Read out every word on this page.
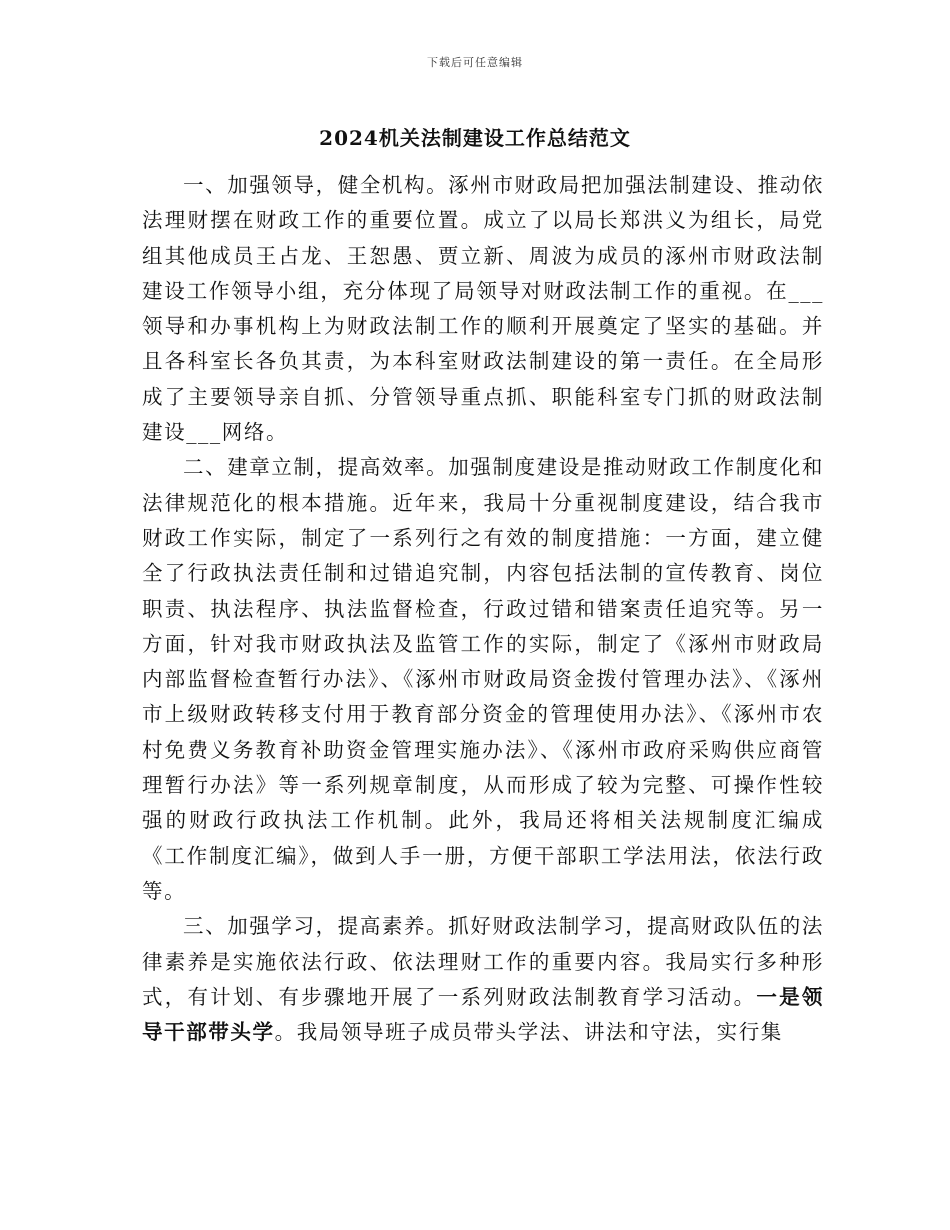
下载后可任意编辑
2024机关法制建设工作总结范文

一、加强领导，健全机构。涿州市财政局把加强法制建设、推动依法理财摆在财政工作的重要位置。成立了以局长郑洪义为组长，局党组其他成员王占龙、王恕愚、贾立新、周波为成员的涿州市财政法制建设工作领导小组，充分体现了局领导对财政法制工作的重视。在___领导和办事机构上为财政法制工作的顺利开展奠定了坚实的基础。并且各科室长各负其责，为本科室财政法制建设的第一责任。在全局形成了主要领导亲自抓、分管领导重点抓、职能科室专门抓的财政法制建设___网络。

二、建章立制，提高效率。加强制度建设是推动财政工作制度化和法律规范化的根本措施。近年来，我局十分重视制度建设，结合我市财政工作实际，制定了一系列行之有效的制度措施：一方面，建立健全了行政执法责任制和过错追究制，内容包括法制的宣传教育、岗位职责、执法程序、执法监督检查，行政过错和错案责任追究等。另一方面，针对我市财政执法及监管工作的实际，制定了《涿州市财政局内部监督检查暂行办法》、《涿州市财政局资金拨付管理办法》、《涿州市上级财政转移支付用于教育部分资金的管理使用办法》、《涿州市农村免费义务教育补助资金管理实施办法》、《涿州市政府采购供应商管理暂行办法》等一系列规章制度，从而形成了较为完整、可操作性较强的财政行政执法工作机制。此外，我局还将相关法规制度汇编成《工作制度汇编》，做到人手一册，方便干部职工学法用法，依法行政等。

三、加强学习，提高素养。抓好财政法制学习，提高财政队伍的法律素养是实施依法行政、依法理财工作的重要内容。我局实行多种形式，有计划、有步骤地开展了一系列财政法制教育学习活动。一是领导干部带头学。我局领导班子成员带头学法、讲法和守法，实行集
